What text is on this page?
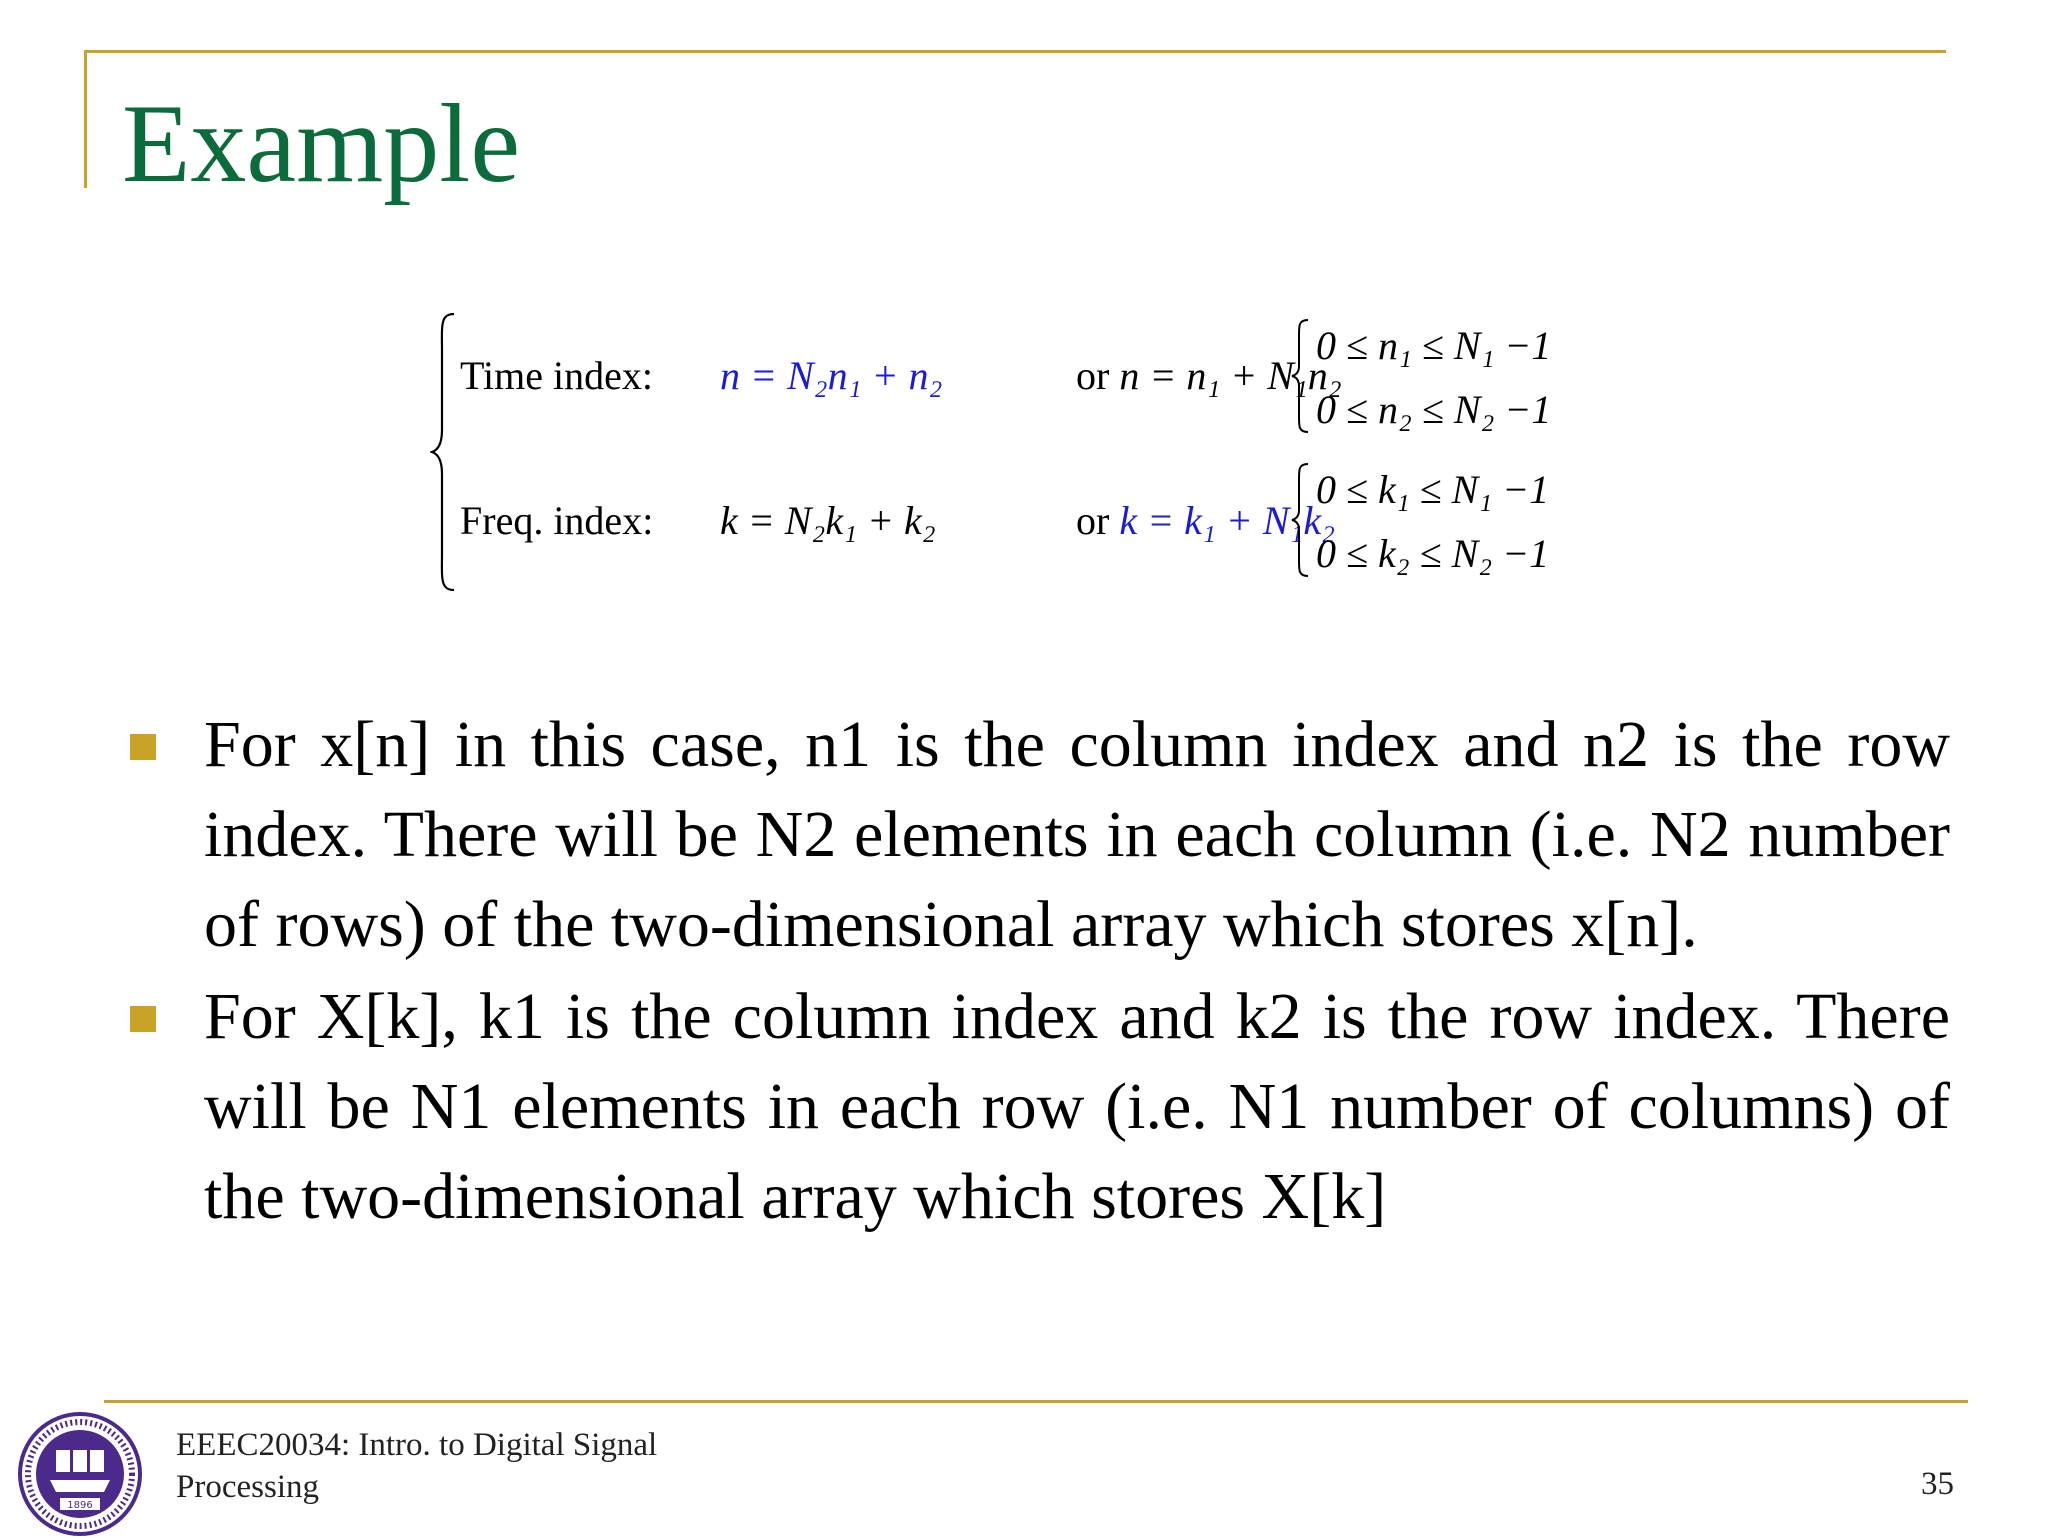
Example
Time index:	n = N₂n₁ + n₂	or n = n₁ + N₁n₂
Freq. index:	k = N₂k₁ + k₂	or k = k₁ + N₁k₂
0 ≤ n₁ ≤ N₁ −1
0 ≤ n₂ ≤ N₂ −1
0 ≤ k₁ ≤ N₁ −1
0 ≤ k₂ ≤ N₂ −1
For x[n] in this case, n1 is the column index and n2 is the row index. There will be N2 elements in each column (i.e. N2 number of rows) of the two-dimensional array which stores x[n].
For X[k], k1 is the column index and k2 is the row index. There will be N1 elements in each row (i.e. N1 number of columns) of the two-dimensional array which stores X[k]
1896
EEEC20034: Intro. to Digital Signal
Processing	35
